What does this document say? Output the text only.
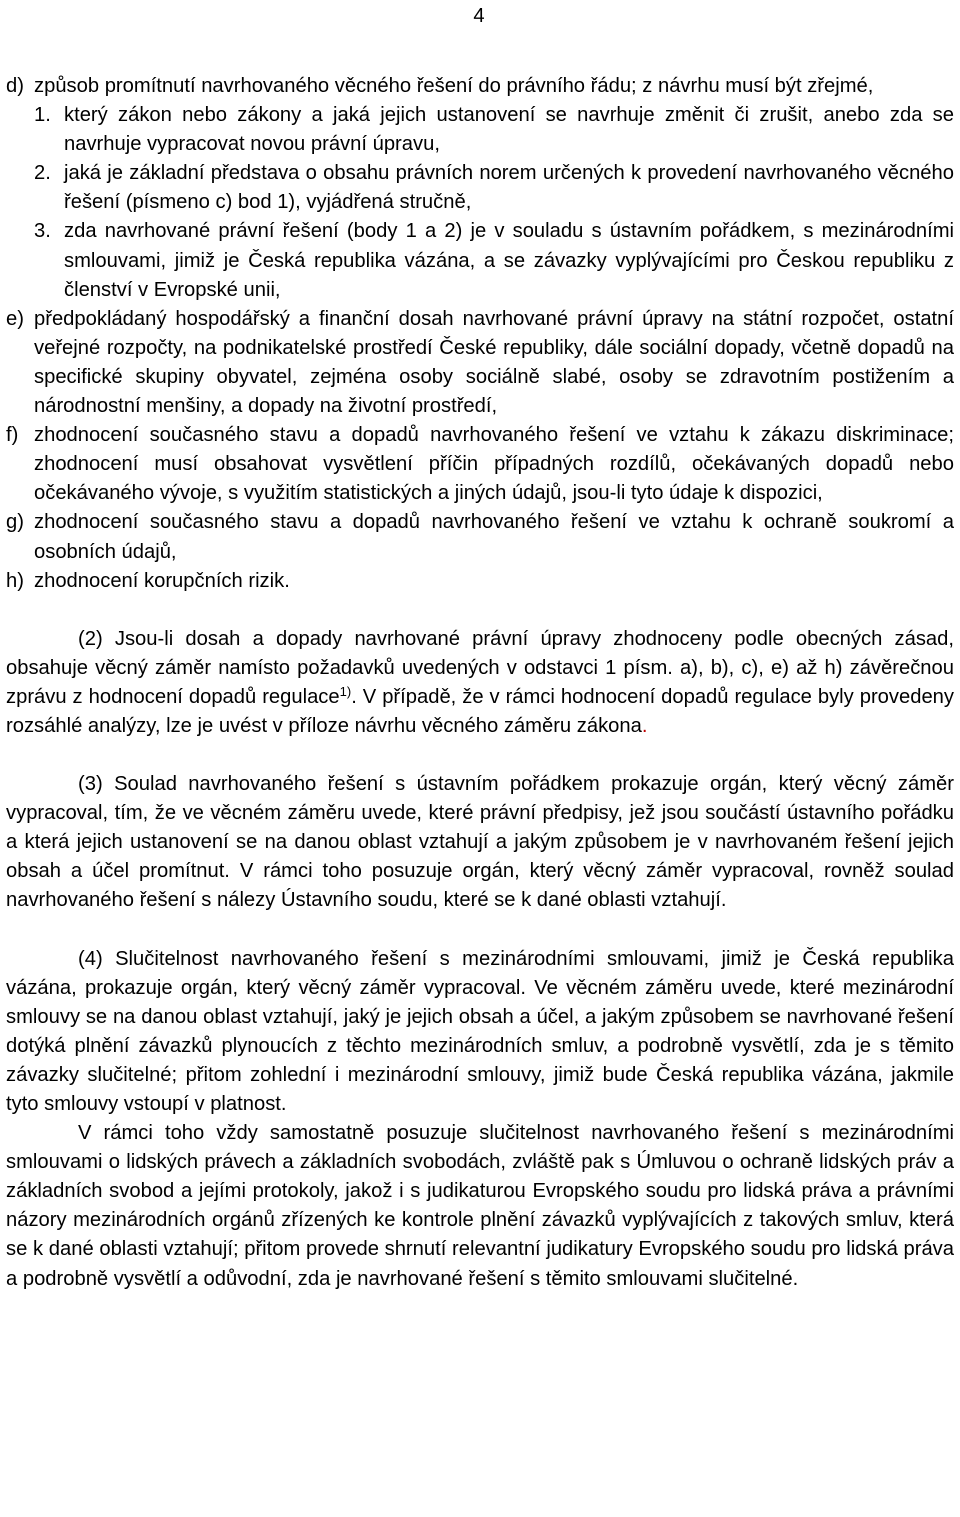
4
d) způsob promítnutí navrhovaného věcného řešení do právního řádu; z návrhu musí být zřejmé,
1. který zákon nebo zákony a jaká jejich ustanovení se navrhuje změnit či zrušit, anebo zda se navrhuje vypracovat novou právní úpravu,
2. jaká je základní představa o obsahu právních norem určených k provedení navrhovaného věcného řešení (písmeno c) bod 1), vyjádřená stručně,
3. zda navrhované právní řešení (body 1 a 2) je v souladu s ústavním pořádkem, s mezinárodními smlouvami, jimiž je Česká republika vázána, a se závazky vyplývajícími pro Českou republiku z členství v Evropské unii,
e) předpokládaný hospodářský a finanční dosah navrhované právní úpravy na státní rozpočet, ostatní veřejné rozpočty, na podnikatelské prostředí České republiky, dále sociální dopady, včetně dopadů na specifické skupiny obyvatel, zejména osoby sociálně slabé, osoby se zdravotním postižením a národnostní menšiny, a dopady na životní prostředí,
f) zhodnocení současného stavu a dopadů navrhovaného řešení ve vztahu k zákazu diskriminace; zhodnocení musí obsahovat vysvětlení příčin případných rozdílů, očekávaných dopadů nebo očekávaného vývoje, s využitím statistických a jiných údajů, jsou-li tyto údaje k dispozici,
g) zhodnocení současného stavu a dopadů navrhovaného řešení ve vztahu k ochraně soukromí a osobních údajů,
h) zhodnocení korupčních rizik.

(2) Jsou-li dosah a dopady navrhované právní úpravy zhodnoceny podle obecných zásad, obsahuje věcný záměr namísto požadavků uvedených v odstavci 1 písm. a), b), c), e) až h) závěrečnou zprávu z hodnocení dopadů regulace$^{1)}$. V případě, že v rámci hodnocení dopadů regulace byly provedeny rozsáhlé analýzy, lze je uvést v příloze návrhu věcného záměru zákona.

(3) Soulad navrhovaného řešení s ústavním pořádkem prokazuje orgán, který věcný záměr vypracoval, tím, že ve věcném záměru uvede, které právní předpisy, jež jsou součástí ústavního pořádku a která jejich ustanovení se na danou oblast vztahují a jakým způsobem je v navrhovaném řešení jejich obsah a účel promítnut. V rámci toho posuzuje orgán, který věcný záměr vypracoval, rovněž soulad navrhovaného řešení s nálezy Ústavního soudu, které se k dané oblasti vztahují.

(4) Slučitelnost navrhovaného řešení s mezinárodními smlouvami, jimiž je Česká republika vázána, prokazuje orgán, který věcný záměr vypracoval. Ve věcném záměru uvede, které mezinárodní smlouvy se na danou oblast vztahují, jaký je jejich obsah a účel, a jakým způsobem se navrhované řešení dotýká plnění závazků plynoucích z těchto mezinárodních smluv, a podrobně vysvětlí, zda je s těmito závazky slučitelné; přitom zohlední i mezinárodní smlouvy, jimiž bude Česká republika vázána, jakmile tyto smlouvy vstoupí v platnost.

V rámci toho vždy samostatně posuzuje slučitelnost navrhovaného řešení s mezinárodními smlouvami o lidských právech a základních svobodách, zvláště pak s Úmluvou o ochraně lidských práv a základních svobod a jejími protokoly, jakož i s judikaturou Evropského soudu pro lidská práva a právními názory mezinárodních orgánů zřízených ke kontrole plnění závazků vyplývajících z takových smluv, která se k dané oblasti vztahují; přitom provede shrnutí relevantní judikatury Evropského soudu pro lidská práva a podrobně vysvětlí a odůvodní, zda je navrhované řešení s těmito smlouvami slučitelné.
